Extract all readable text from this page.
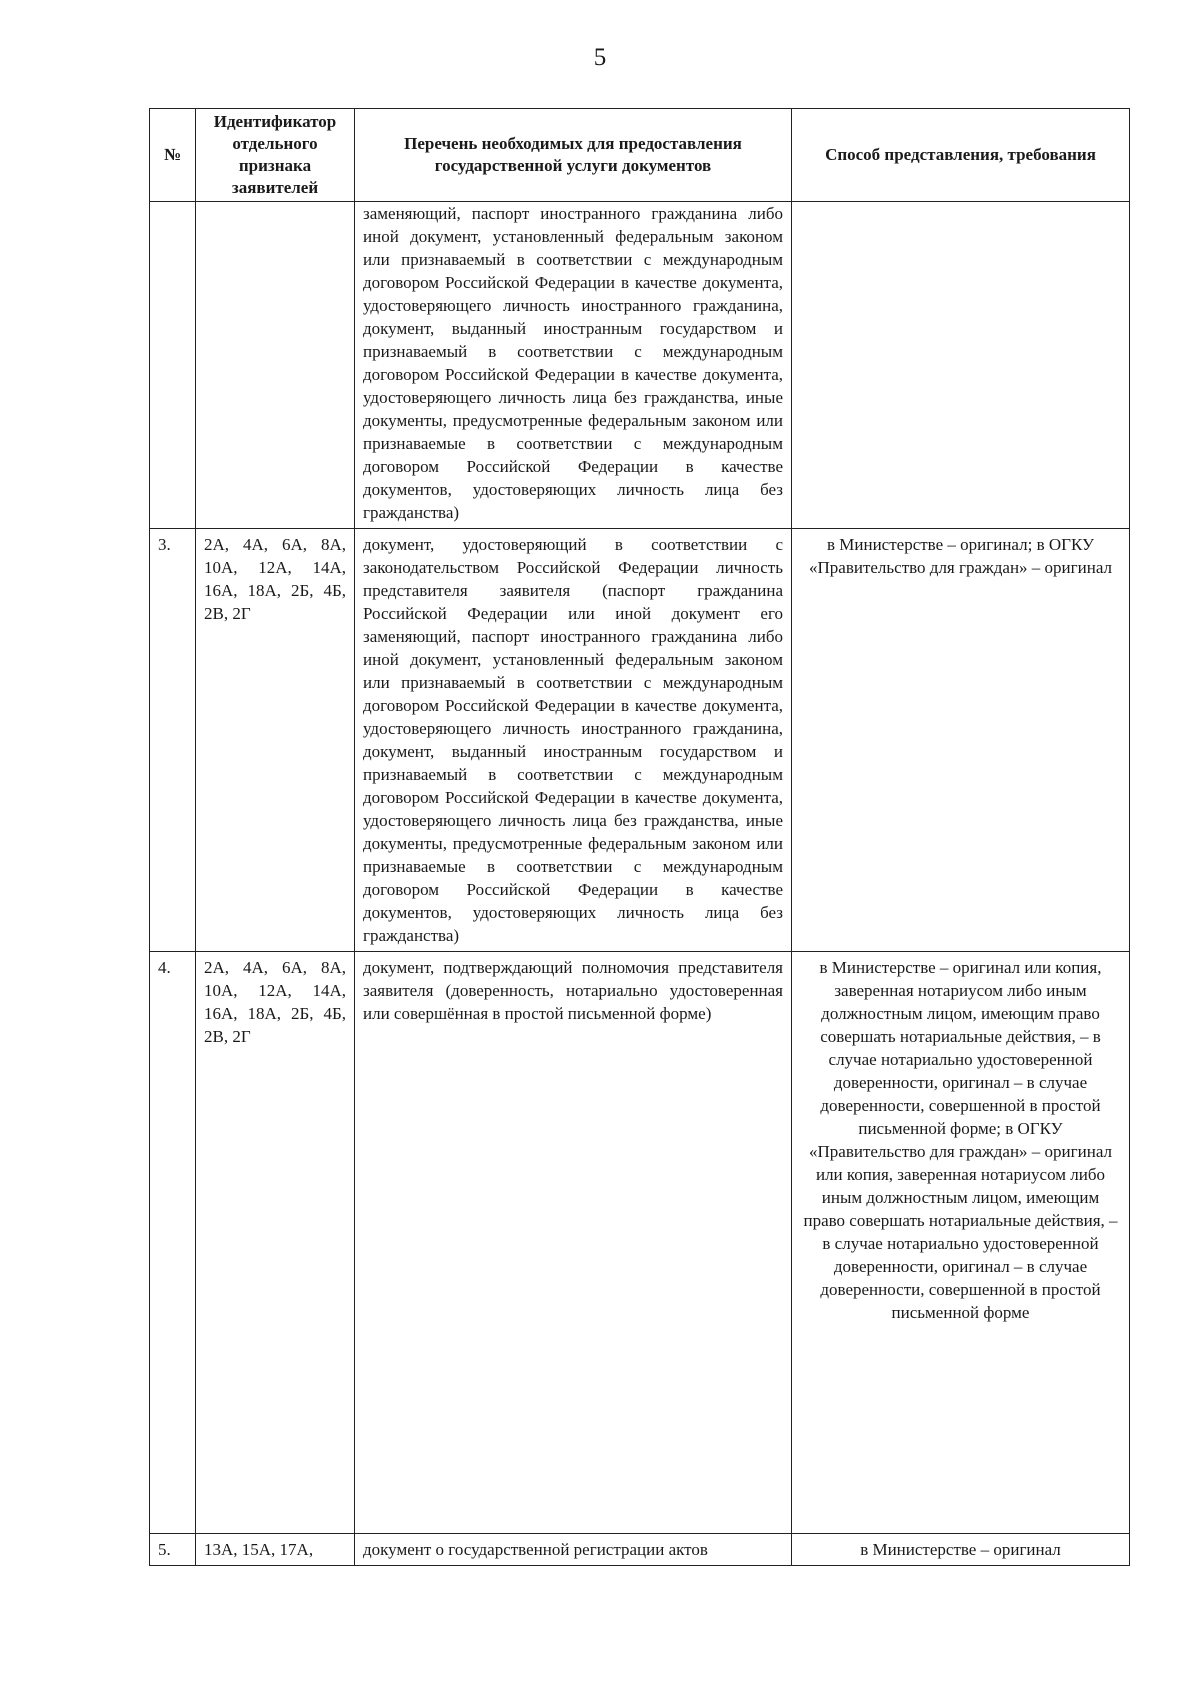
5
№	Идентификатор отдельного признака заявителей	Перечень необходимых для предоставления государственной услуги документов	Способ представления, требования
		заменяющий, паспорт иностранного гражданина либо иной документ, установленный федеральным законом или признаваемый в соответствии с международным договором Российской Федерации в качестве документа, удостоверяющего личность иностранного гражданина, документ, выданный иностранным государством и признаваемый в соответствии с международным договором Российской Федерации в качестве документа, удостоверяющего личность лица без гражданства, иные документы, предусмотренные федеральным законом или признаваемые в соответствии с международным договором Российской Федерации в качестве документов, удостоверяющих личность лица без гражданства)	
3.	2А, 4А, 6А, 8А, 10А, 12А, 14А, 16А, 18А, 2Б, 4Б, 2В, 2Г	документ, удостоверяющий в соответствии с законодательством Российской Федерации личность представителя заявителя (паспорт гражданина Российской Федерации или иной документ его заменяющий, паспорт иностранного гражданина либо иной документ, установленный федеральным законом или признаваемый в соответствии с международным договором Российской Федерации в качестве документа, удостоверяющего личность иностранного гражданина, документ, выданный иностранным государством и признаваемый в соответствии с международным договором Российской Федерации в качестве документа, удостоверяющего личность лица без гражданства, иные документы, предусмотренные федеральным законом или признаваемые в соответствии с международным договором Российской Федерации в качестве документов, удостоверяющих личность лица без гражданства)	в Министерстве – оригинал; в ОГКУ «Правительство для граждан» – оригинал
4.	2А, 4А, 6А, 8А, 10А, 12А, 14А, 16А, 18А, 2Б, 4Б, 2В, 2Г	документ, подтверждающий полномочия представителя заявителя (доверенность, нотариально удостоверенная или совершённая в простой письменной форме)	в Министерстве – оригинал или копия, заверенная нотариусом либо иным должностным лицом, имеющим право совершать нотариальные действия, – в случае нотариально удостоверенной доверенности, оригинал – в случае доверенности, совершенной в простой письменной форме; в ОГКУ «Правительство для граждан» – оригинал или копия, заверенная нотариусом либо иным должностным лицом, имеющим право совершать нотариальные действия, – в случае нотариально удостоверенной доверенности, оригинал – в случае доверенности, совершенной в простой письменной форме
5.	13А, 15А, 17А,	документ о государственной регистрации актов	в Министерстве – оригинал
